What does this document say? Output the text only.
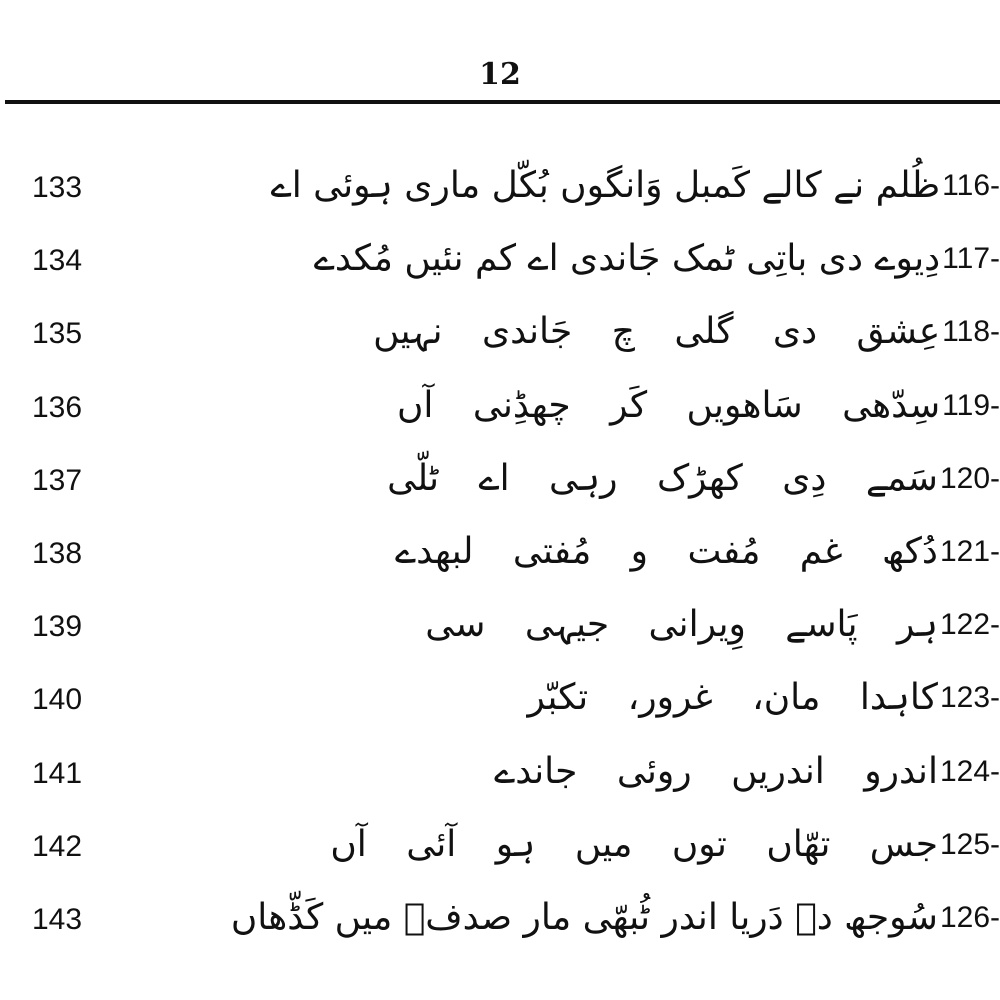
12
133	ظُلم نے کالے کَمبل وَانگوں بُکّل ماری ہوئی اے 116-
134	دِیوے دی باتِی ٹمک جَاندی اے کم نئیں مُکدے 117-
135	عِشق دی گلی چ جَاندی نہیں 118-
136	سِدّھی سَاھویں کَر چھڈِنی آں 119-
137	سَمے دِی کھڑک رہی اے ٹلّی 120-
138	دُکھ غم مُفت و مُفتی لبھدے 121-
139	ہر پَاسے وِیرانی جیہی سی 122-
140	کاہدا مان، غرور، تکبّر 123-
141	اندرو اندریں روئی جاندے 124-
142	جس تھّاں توں میں ہو آئی آں 125-
143	سُوجھ دے دَریا اندر ٹُبھّی مار صدفؔ میں کَڈّھاں 126-
